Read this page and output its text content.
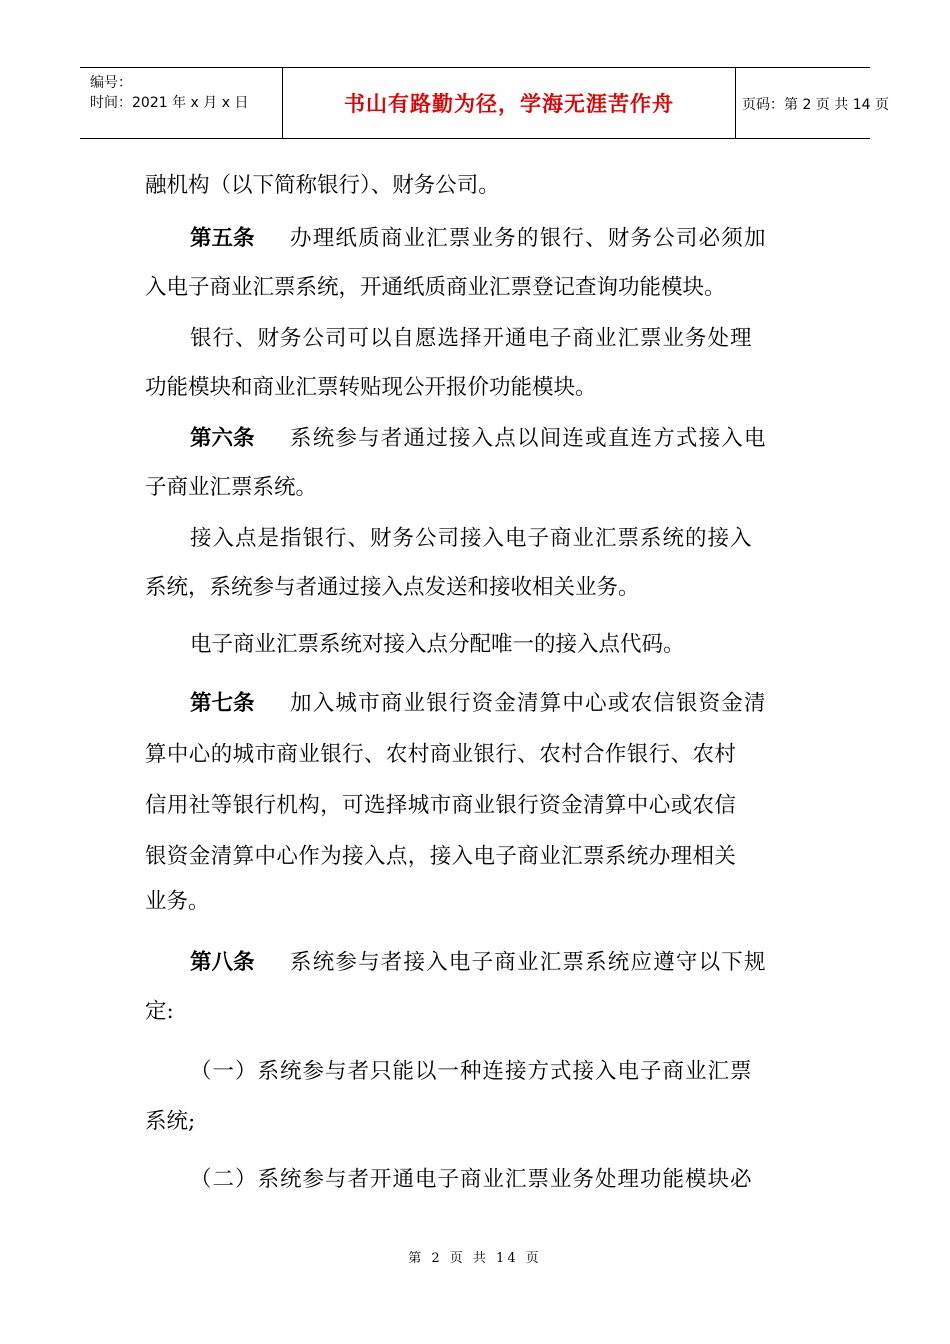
编号：
时间：2021 年 x 月 x 日	书山有路勤为径，学海无涯苦作舟	页码：第 2 页 共 14 页
融机构（以下简称银行）、财务公司。
第五条 办理纸质商业汇票业务的银行、财务公司必须加
入电子商业汇票系统，开通纸质商业汇票登记查询功能模块。
银行、财务公司可以自愿选择开通电子商业汇票业务处理
功能模块和商业汇票转贴现公开报价功能模块。
第六条 系统参与者通过接入点以间连或直连方式接入电
子商业汇票系统。
接入点是指银行、财务公司接入电子商业汇票系统的接入
系统，系统参与者通过接入点发送和接收相关业务。
电子商业汇票系统对接入点分配唯一的接入点代码。
第七条 加入城市商业银行资金清算中心或农信银资金清
算中心的城市商业银行、农村商业银行、农村合作银行、农村
信用社等银行机构，可选择城市商业银行资金清算中心或农信
银资金清算中心作为接入点，接入电子商业汇票系统办理相关
业务。
第八条 系统参与者接入电子商业汇票系统应遵守以下规
定:
（一）系统参与者只能以一种连接方式接入电子商业汇票
系统;
（二）系统参与者开通电子商业汇票业务处理功能模块必
第 2 页 共 14 页
